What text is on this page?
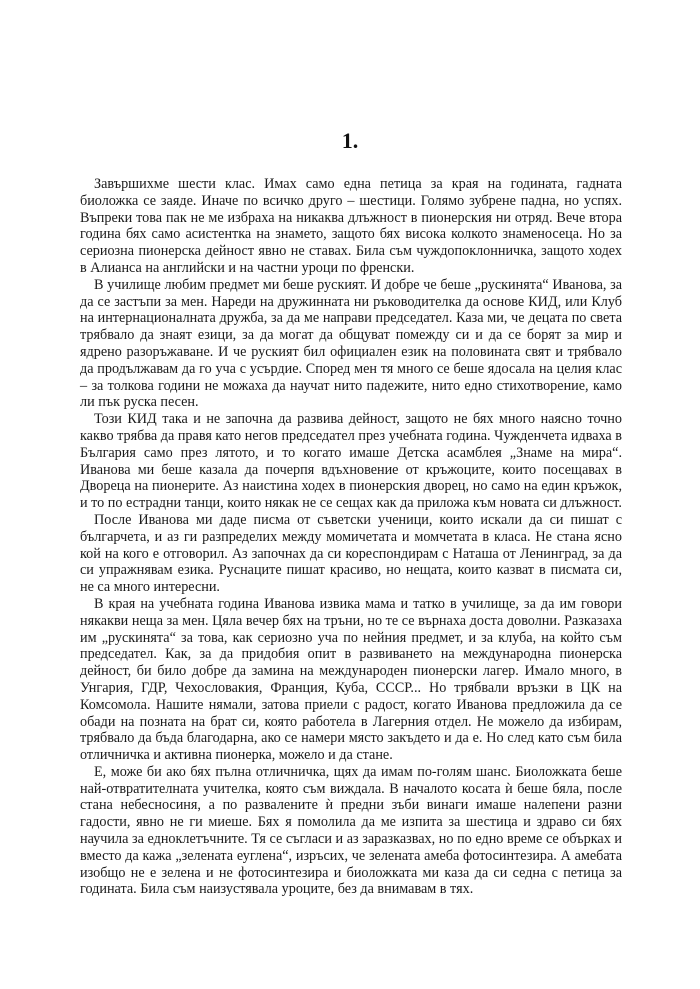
1.

Завършихме шести клас. Имах само една петица за края на годината, гадната биоложка се заяде. Иначе по всичко друго – шестици. Голямо зубрене падна, но успях. Въпреки това пак не ме избраха на никаква длъжност в пионерския ни отряд. Вече втора година бях само асистентка на знамето, защото бях висока колкото знаменосеца. Но за сериозна пионерска дейност явно не ставах. Била съм чуждопоклонничка, защото ходех в Алианса на английски и на частни уроци по френски.

В училище любим предмет ми беше руският. И добре че беше „рускинята“ Иванова, за да се застъпи за мен. Нареди на дружинната ни ръководителка да основе КИД, или Клуб на интернационалната дружба, за да ме направи председател. Каза ми, че децата по света трябвало да знаят езици, за да могат да общуват помежду си и да се борят за мир и ядрено разоръжаване. И че руският бил официален език на половината свят и трябвало да продължавам да го уча с усърдие. Според мен тя много се беше ядосала на целия клас – за толкова години не можаха да научат нито падежите, нито едно стихотворение, камо ли пък руска песен.

Този КИД така и не започна да развива дейност, защото не бях много наясно точно какво трябва да правя като негов председател през учебната година. Чужденчета идваха в България само през лятото, и то когато имаше Детска асамблея „Знаме на мира“. Иванова ми беше казала да почерпя вдъхновение от кръжоците, които посещавах в Двореца на пионерите. Аз наистина ходех в пионерския дворец, но само на един кръжок, и то по естрадни танци, които някак не се сещах как да приложа към новата си длъжност.

После Иванова ми даде писма от съветски ученици, които искали да си пишат с българчета, и аз ги разпределих между момичетата и момчетата в класа. Не стана ясно кой на кого е отговорил. Аз започнах да си кореспондирам с Наташа от Ленинград, за да си упражнявам езика. Руснаците пишат красиво, но нещата, които казват в писмата си, не са много интересни.

В края на учебната година Иванова извика мама и татко в училище, за да им говори някакви неща за мен. Цяла вечер бях на тръни, но те се върнаха доста доволни. Разказаха им „рускинята“ за това, как сериозно уча по нейния предмет, и за клуба, на който съм председател. Как, за да придобия опит в развиването на международна пионерска дейност, би било добре да замина на международен пионерски лагер. Имало много, в Унгария, ГДР, Чехословакия, Франция, Куба, СССР... Но трябвали връзки в ЦК на Комсомола. Нашите нямали, затова приели с радост, когато Иванова предложила да се обади на позната на брат си, която работела в Лагерния отдел. Не можело да избирам, трябвало да бъда благодарна, ако се намери място закъдето и да е. Но след като съм била отличничка и активна пионерка, можело и да стане.

Е, може би ако бях пълна отличничка, щях да имам по-голям шанс. Биоложката беше най-отвратителната учителка, която съм виждала. В началото косата ѝ беше бяла, после стана небесносиня, а по развалените ѝ предни зъби винаги имаше налепени разни гадости, явно не ги миеше. Бях я помолила да ме изпита за шестица и здраво си бях научила за едноклетъчните. Тя се съгласи и аз заразказвах, но по едно време се обърках и вместо да кажа „зелената еуглена“, изръсих, че зелената амеба фотосинтезира. А амебата изобщо не е зелена и не фотосинтезира и биоложката ми каза да си седна с петица за годината. Била съм наизустявала уроците, без да внимавам в тях.
